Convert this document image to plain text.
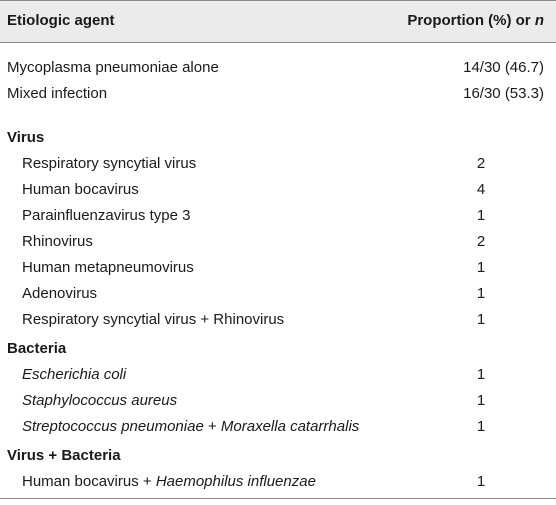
Etiologic agent	Proportion (%) or n
Mycoplasma pneumoniae alone	14/30 (46.7)
Mixed infection	16/30 (53.3)
Virus
Respiratory syncytial virus	2
Human bocavirus	4
Parainfluenzavirus type 3	1
Rhinovirus	2
Human metapneumovirus	1
Adenovirus	1
Respiratory syncytial virus + Rhinovirus	1
Bacteria
Escherichia coli	1
Staphylococcus aureus	1
Streptococcus pneumoniae + Moraxella catarrhalis	1
Virus + Bacteria
Human bocavirus + Haemophilus influenzae	1
